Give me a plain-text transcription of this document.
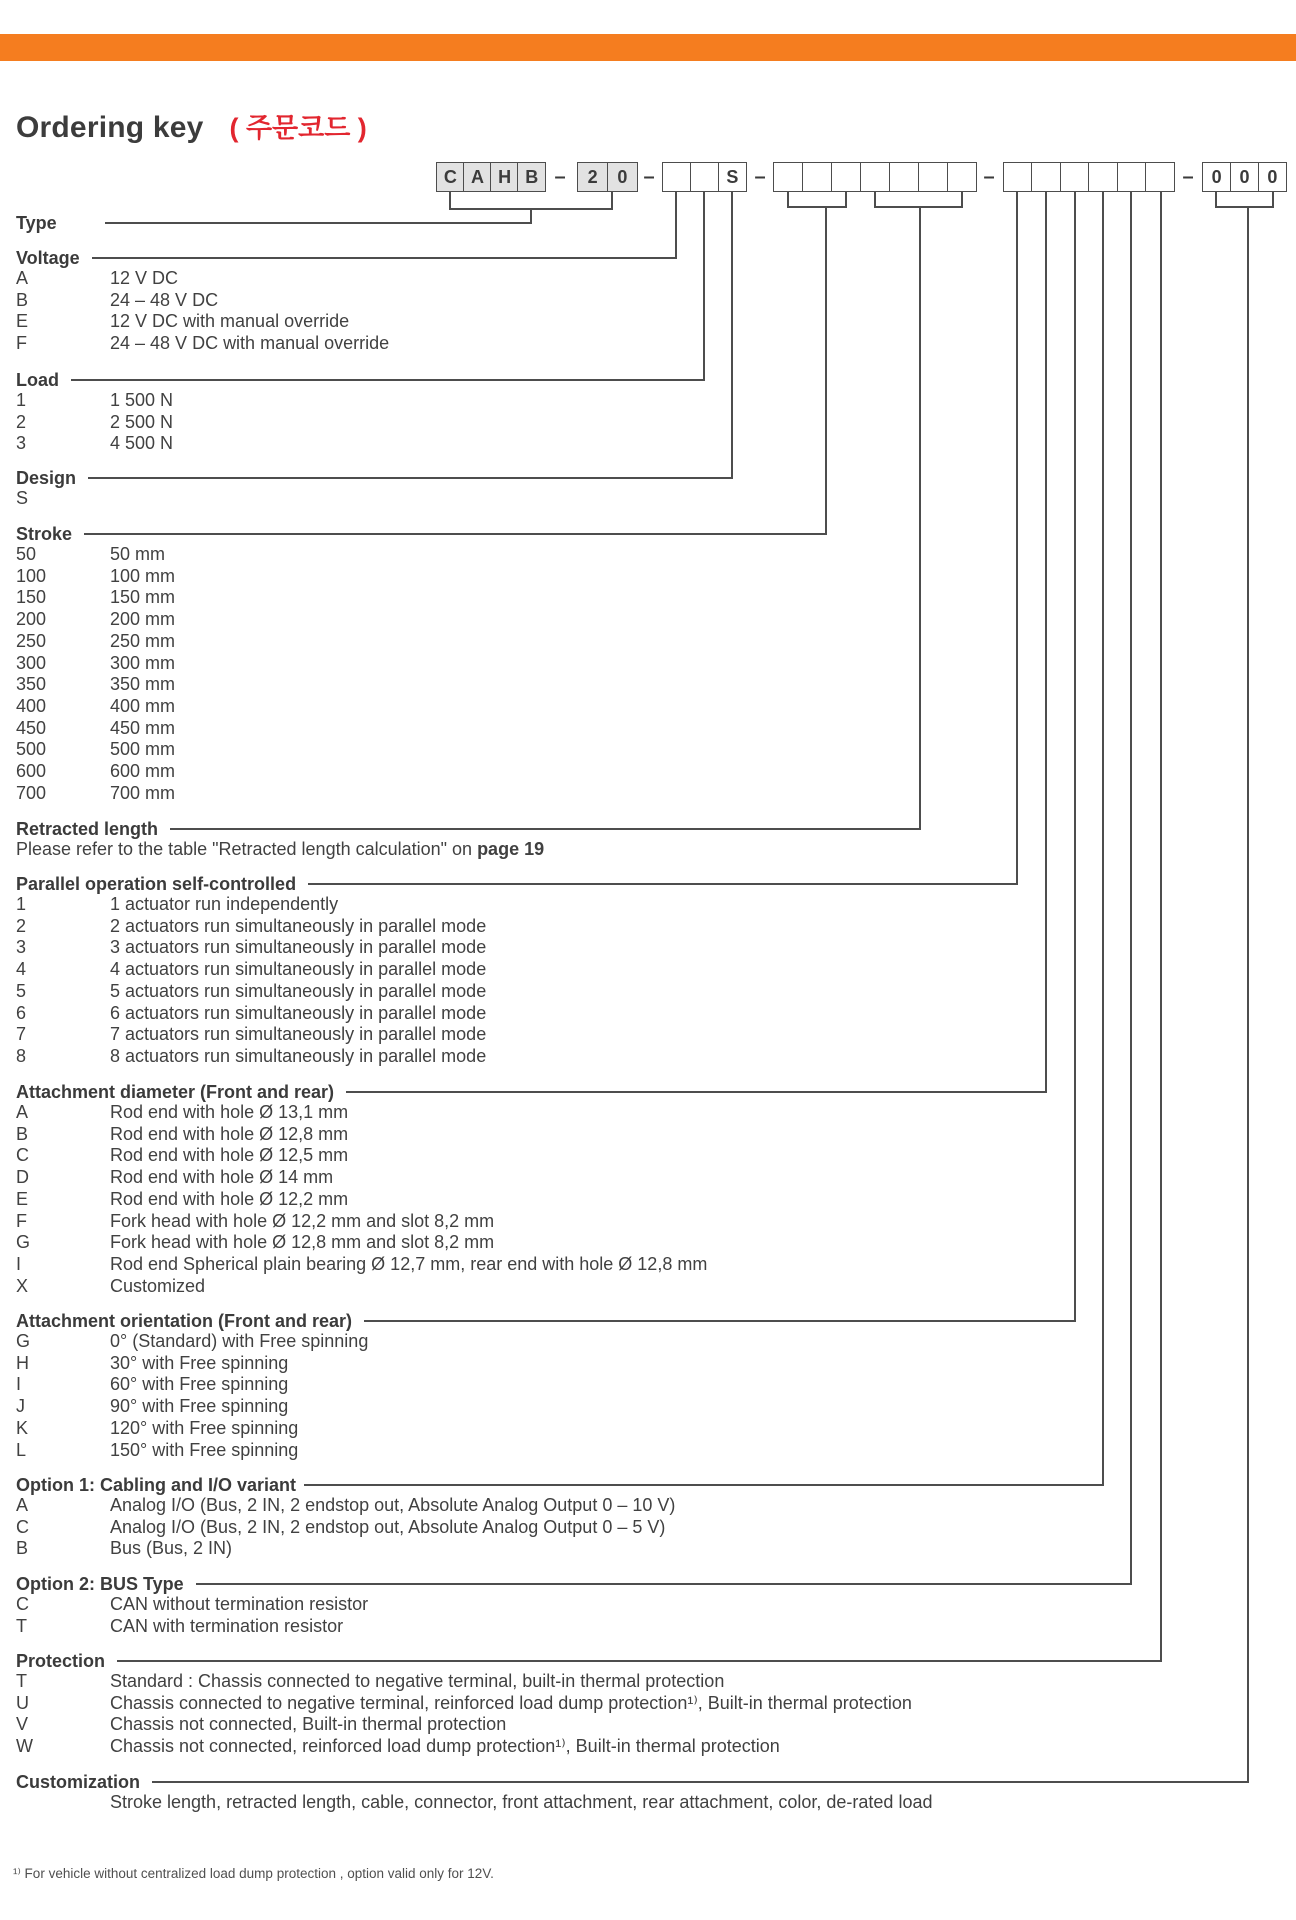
Ordering key ( 주문코드 )
¹⁾ For vehicle without centralized load dump protection , option valid only for 12V.
C A H B	2	0	S	0 0 0
–	–	–	–	–
Type
Voltage
A	12 V DC
B	24 – 48 V DC
E	12 V DC with manual override
F	24 – 48 V DC with manual override
Load
1	1 500 N
2	2 500 N
3	4 500 N
Design
S
Stroke
50	50 mm
100	100 mm
150	150 mm
200	200 mm
250	250 mm
300	300 mm
350	350 mm
400	400 mm
450	450 mm
500	500 mm
600	600 mm
700	700 mm
Retracted length
Please refer to the table "Retracted length calculation" on page 19
Parallel operation self-controlled
1	1 actuator run independently
2	2 actuators run simultaneously in parallel mode
3	3 actuators run simultaneously in parallel mode
4	4 actuators run simultaneously in parallel mode
5	5 actuators run simultaneously in parallel mode
6	6 actuators run simultaneously in parallel mode
7	7 actuators run simultaneously in parallel mode
8	8 actuators run simultaneously in parallel mode
Attachment diameter (Front and rear)
A	Rod end with hole Ø 13,1 mm
B	Rod end with hole Ø 12,8 mm
C	Rod end with hole Ø 12,5 mm
D	Rod end with hole Ø 14 mm
E	Rod end with hole Ø 12,2 mm
F	Fork head with hole Ø 12,2 mm and slot 8,2 mm
G	Fork head with hole Ø 12,8 mm and slot 8,2 mm
I	Rod end Spherical plain bearing Ø 12,7 mm, rear end with hole Ø 12,8 mm
X	Customized
Attachment orientation (Front and rear)
G	0° (Standard) with Free spinning
H	30° with Free spinning
I	60° with Free spinning
J	90° with Free spinning
K	120° with Free spinning
L	150° with Free spinning
Option 1: Cabling and I/O variant
A	Analog I/O (Bus, 2 IN, 2 endstop out, Absolute Analog Output 0 – 10 V)
C	Analog I/O (Bus, 2 IN, 2 endstop out, Absolute Analog Output 0 – 5 V)
B	Bus (Bus, 2 IN)
Option 2: BUS Type
C	CAN without termination resistor
T	CAN with termination resistor
Protection
T	Standard : Chassis connected to negative terminal, built-in thermal protection
U	Chassis connected to negative terminal, reinforced load dump protection¹⁾, Built-in thermal protection
V	Chassis not connected, Built-in thermal protection
W	Chassis not connected, reinforced load dump protection¹⁾, Built-in thermal protection
Customization
Stroke length, retracted length, cable, connector, front attachment, rear attachment, color, de-rated load
